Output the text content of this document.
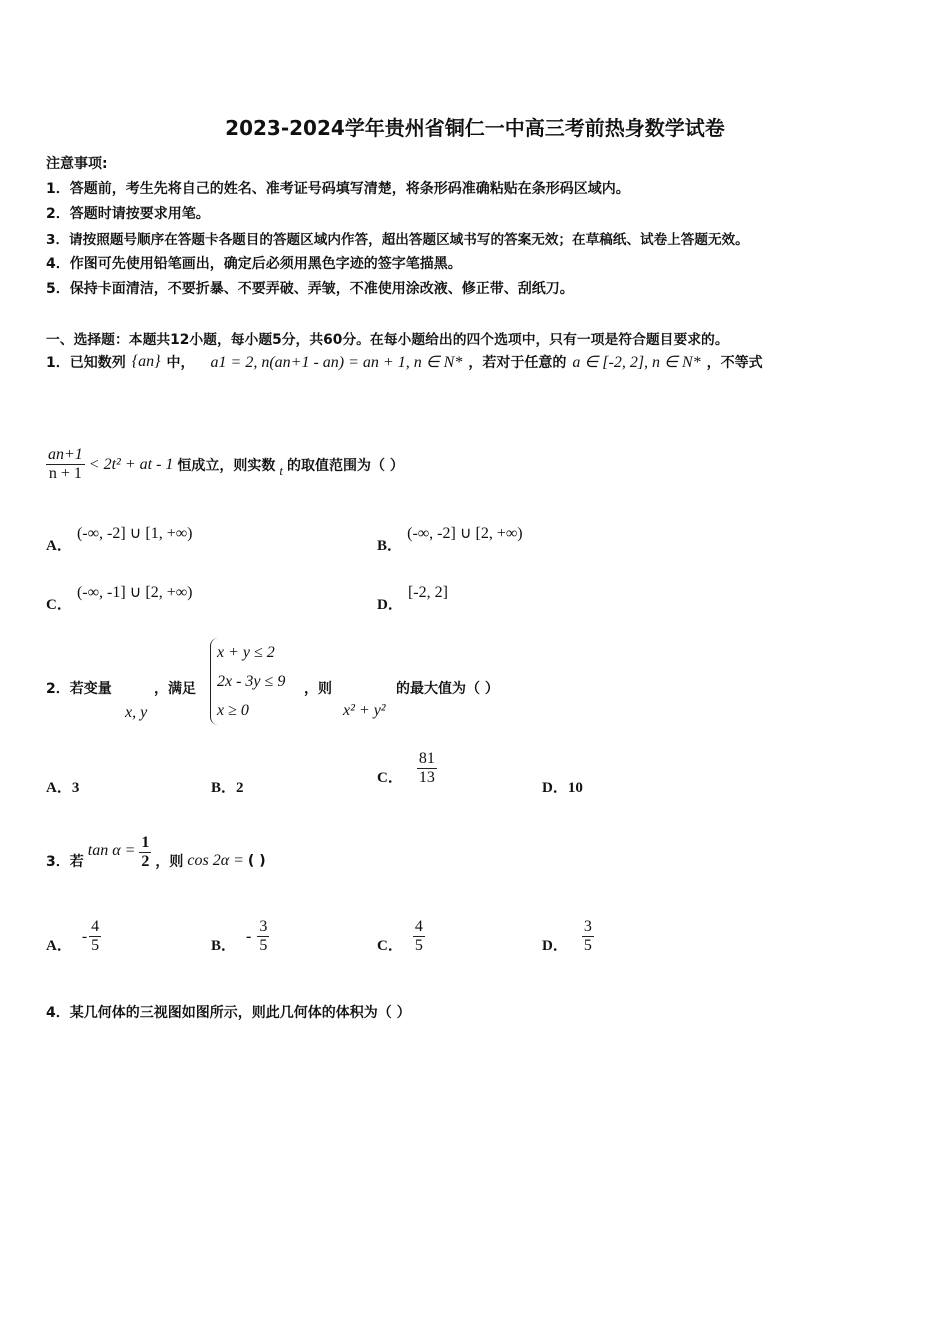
2023-2024学年贵州省铜仁一中高三考前热身数学试卷
注意事项:
1．答题前，考生先将自己的姓名、准考证号码填写清楚，将条形码准确粘贴在条形码区域内。
2．答题时请按要求用笔。
3．请按照题号顺序在答题卡各题目的答题区域内作答，超出答题区域书写的答案无效；在草稿纸、试卷上答题无效。
4．作图可先使用铅笔画出，确定后必须用黑色字迹的签字笔描黑。
5．保持卡面清洁，不要折暴、不要弄破、弄皱，不准使用涂改液、修正带、刮纸刀。
一、选择题：本题共12小题，每小题5分，共60分。在每小题给出的四个选项中，只有一项是符合题目要求的。
1．已知数列 {an} 中， a1 = 2, n(an+1 - an) = an + 1, n ∈ N* ，若对于任意的 a ∈ [-2, 2], n ∈ N* ，不等式
$\frac{an+1}{n + 1} < 2t^2$ + at - 1 恒成立，则实数 t 的取值范围为（ ）
A． (-∞, -2] ∪ [1, +∞)
B． (-∞, -2] ∪ [2, +∞)
C． (-∞, -1] ∪ [2, +∞)
D． [-2, 2]
2．若变量
x, y
，满足
x + y ≤ 2
2x - 3y ≤ 9
x ≥ 0
，则
x² + y²
的最大值为（ ）
A．3	B．2
C． $\frac{81}{13}$
D．10
3．若
$\tan \alpha = \frac{1}{2}$ ，则 cos 2α = ( )
A．
- $\frac{4}{5}$	B．
- $\frac{3}{5}$	C． $\frac{4}{5}$	D． $\frac{3}{5}$
4．某几何体的三视图如图所示，则此几何体的体积为（ ）
